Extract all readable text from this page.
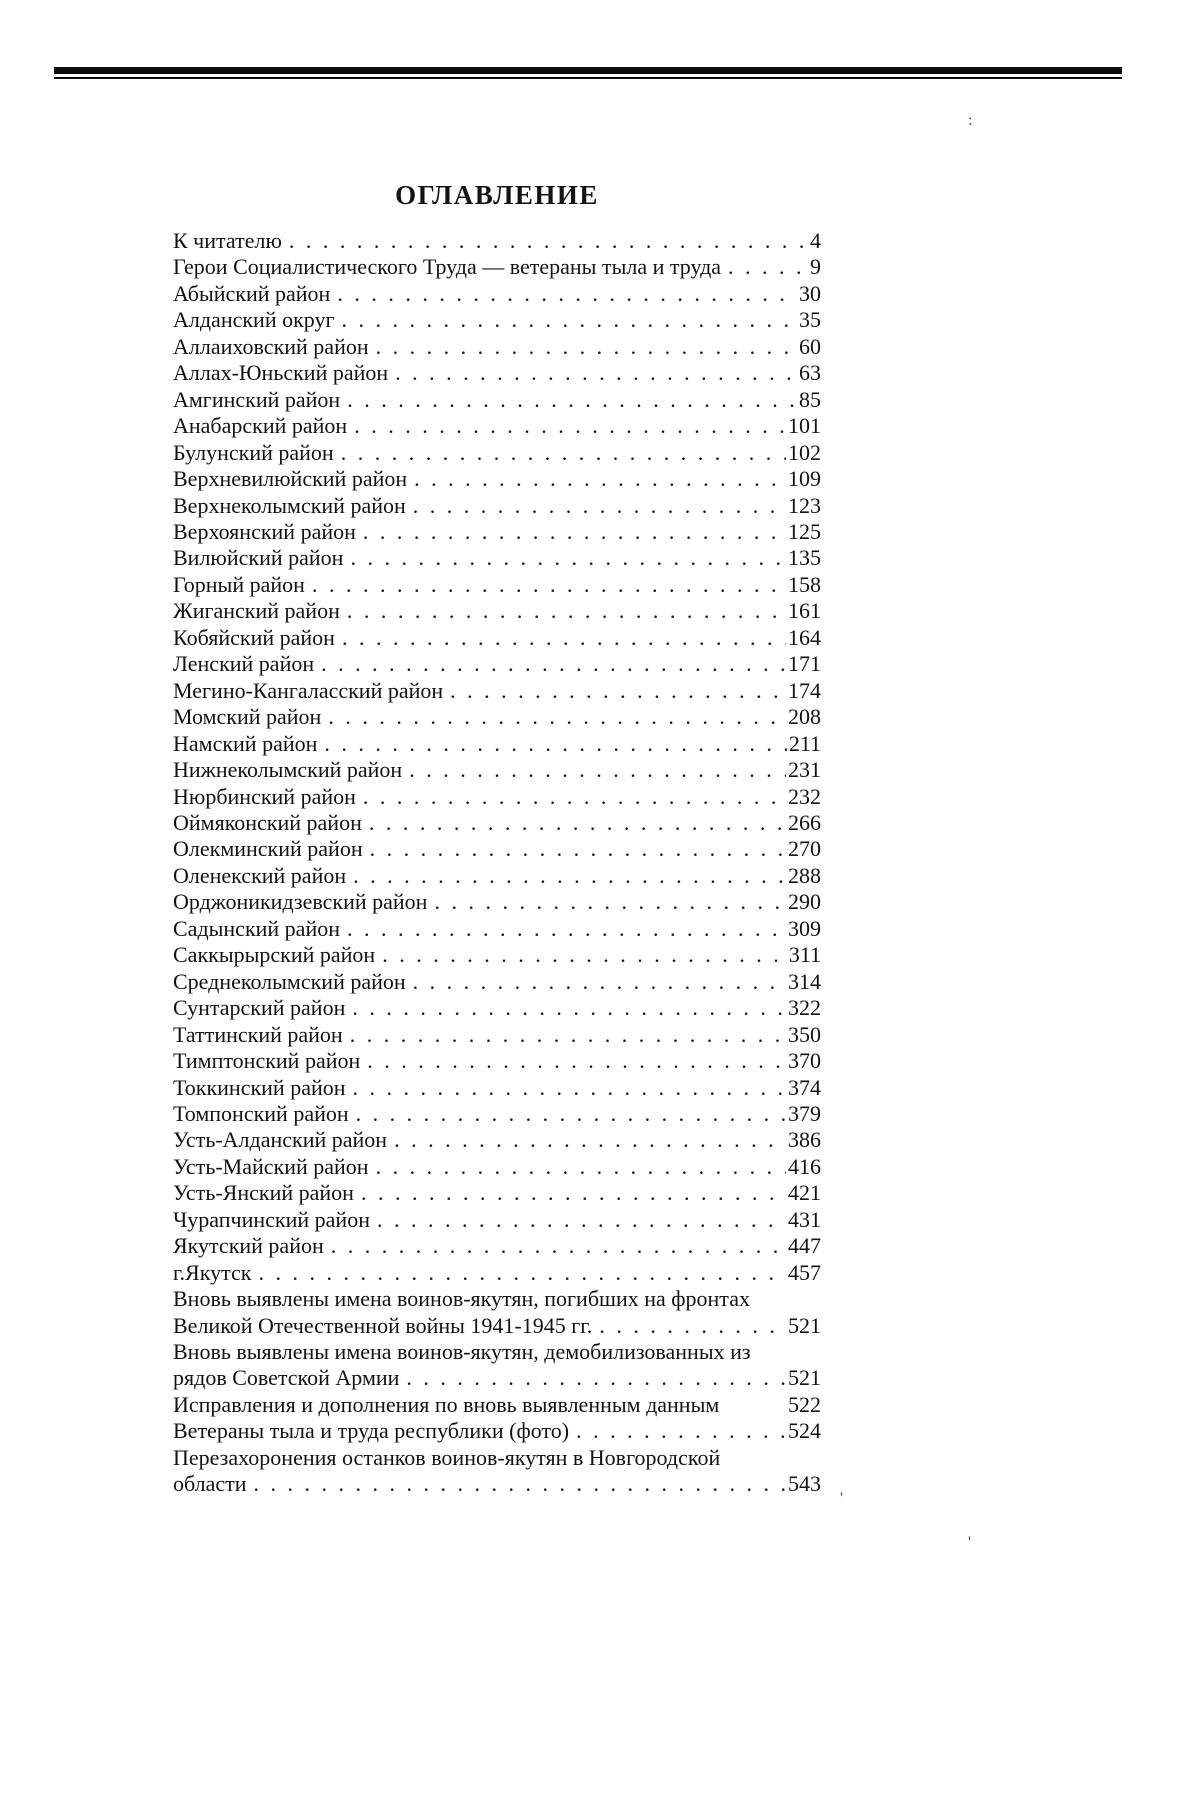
:
'
'
ОГЛАВЛЕНИЕ
К читателю . . .	4
Герои Социалистического Труда — ветераны тыла и труда . . .	9
Абыйский район . . .	30
Алданский округ . . .	35
Аллаиховский район . . .	60
Аллах-Юньский район . . .	63
Амгинский район . . .	85
Анабарский район . . .	101
Булунский район . . .	102
Верхневилюйский район . . .	109
Верхнеколымский район . . .	123
Верхоянский район . . .	125
Вилюйский район . . .	135
Горный район . . .	158
Жиганский район . . .	161
Кобяйский район . . .	164
Ленский район . . .	171
Мегино-Кангаласский район . . .	174
Момский район . . .	208
Намский район . . .	211
Нижнеколымский район . . .	231
Нюрбинский район . . .	232
Оймяконский район . . .	266
Олекминский район . . .	270
Оленекский район . . .	288
Орджоникидзевский район . . .	290
Садынский район . . .	309
Саккырырский район . . .	311
Среднеколымский район . . .	314
Сунтарский район . . .	322
Таттинский район . . .	350
Тимптонский район . . .	370
Токкинский район . . .	374
Томпонский район . . .	379
Усть-Алданский район . . .	386
Усть-Майский район . . .	416
Усть-Янский район . . .	421
Чурапчинский район . . .	431
Якутский район . . .	447
г.Якутск . . .	457
Вновь выявлены имена воинов-якутян, погибших на фронтах
Великой Отечественной войны 1941-1945 гг. . . .	521
Вновь выявлены имена воинов-якутян, демобилизованных из
рядов Советской Армии . . .	521
Исправления и дополнения по вновь выявленным данным	522
Ветераны тыла и труда республики (фото) . . .	524
Перезахоронения останков воинов-якутян в Новгородской
области . . .	543
